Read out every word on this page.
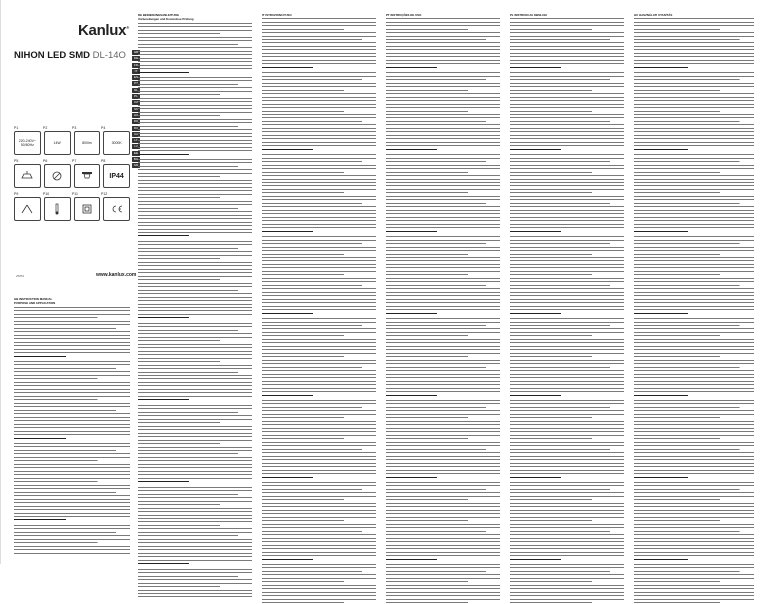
Kanlux®
NIHON LED SMD DL-14O	GB
DE
FR
IT
ES
PT
NL
PL
CZ
SK
HU
RO
RU
UA
LT
LV
EE
BG
GR
P1	P2	P3	P4
220-240V~ 50/60Hz	14W	800lm	3000K
P5	P6	P7	P8
IP44
P9	P10	P11	P12
25851	www.kanlux.com
GB INSTRUCTION MANUAL
PURPOSE AND APPLICATION
DE BEDIENUNGSANLEITUNG
Vorbereitungen und Kostenlose Prüfung
IT ISTRUZIONI D'USO	PT INSTRUÇÕES DE USO	PL INSTRUKCJA OBSŁUGI	HU HASZNÁLATI UTASÍTÁS
